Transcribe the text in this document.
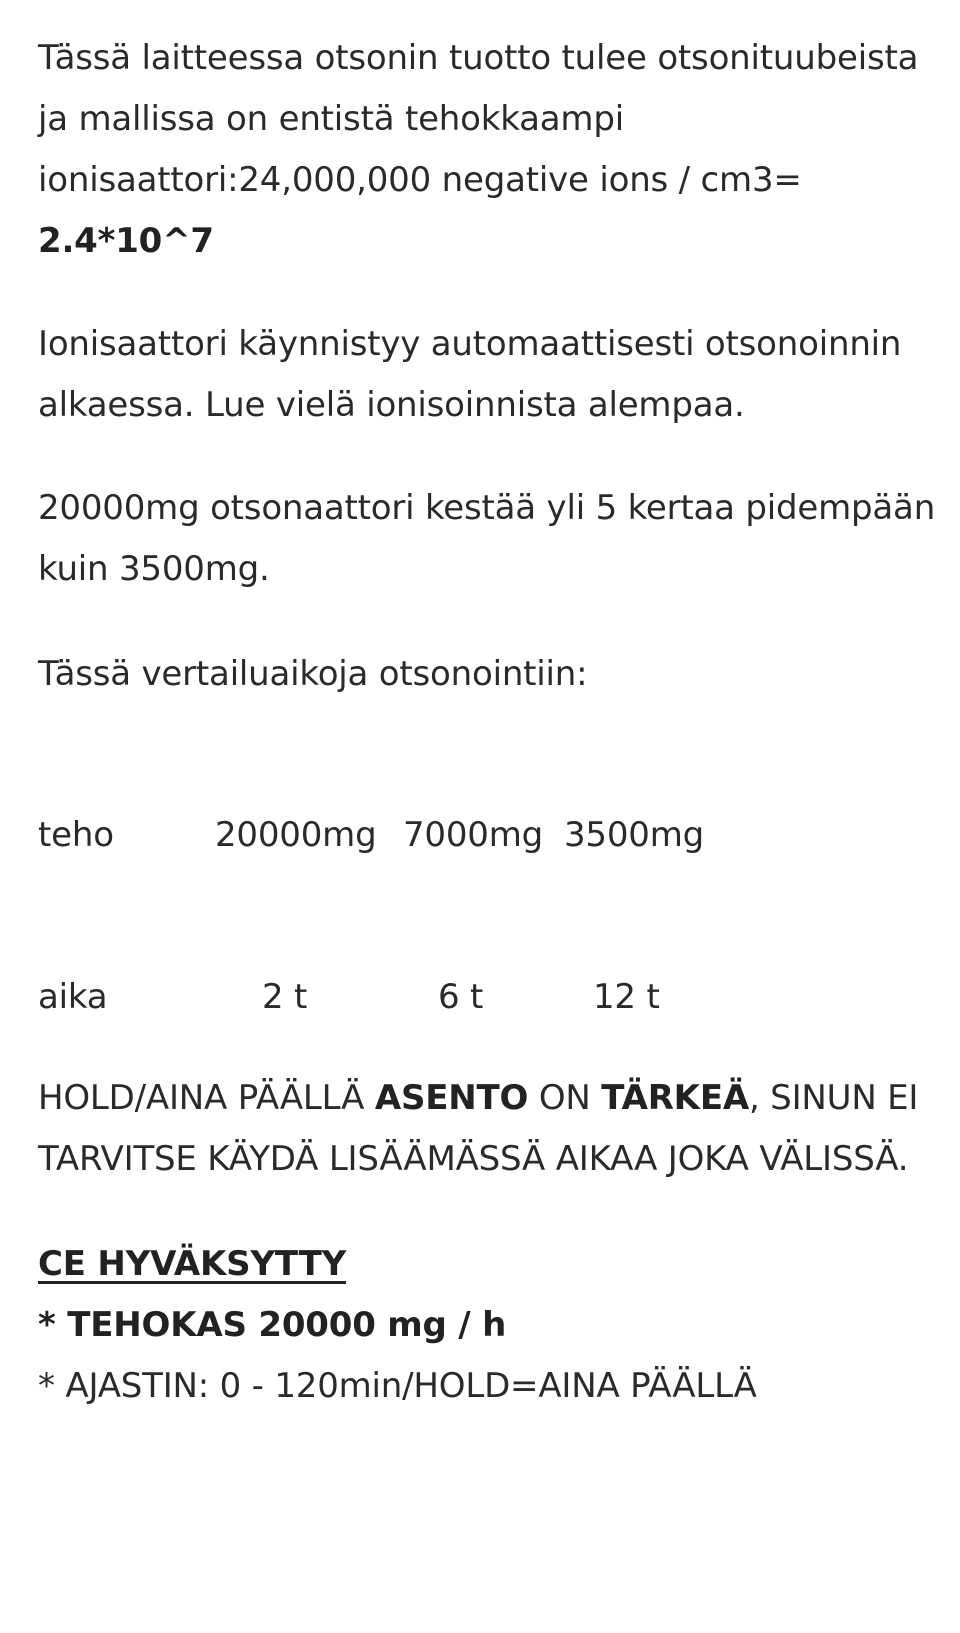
Tässä laitteessa otsonin tuotto tulee otsonituubeista ja mallissa on entistä tehokkaampi ionisaattori:24,000,000 negative ions / cm3= 2.4*10^7

Ionisaattori käynnistyy automaattisesti otsonoinnin alkaessa. Lue vielä ionisoinnista alempaa.

20000mg otsonaattori kestää yli 5 kertaa pidempään kuin 3500mg.

Tässä vertailuaikoja otsonointiin:

teho	20000mg 7000mg 3500mg
aika	2 t	6 t	12 t

HOLD/AINA PÄÄLLÄ ASENTO ON TÄRKEÄ, SINUN EI TARVITSE KÄYDÄ LISÄÄMÄSSÄ AIKAA JOKA VÄLISSÄ.

CE HYVÄKSYTTY

* TEHOKAS 20000 mg / h

* AJASTIN: 0 - 120min/HOLD=AINA PÄÄLLÄ
